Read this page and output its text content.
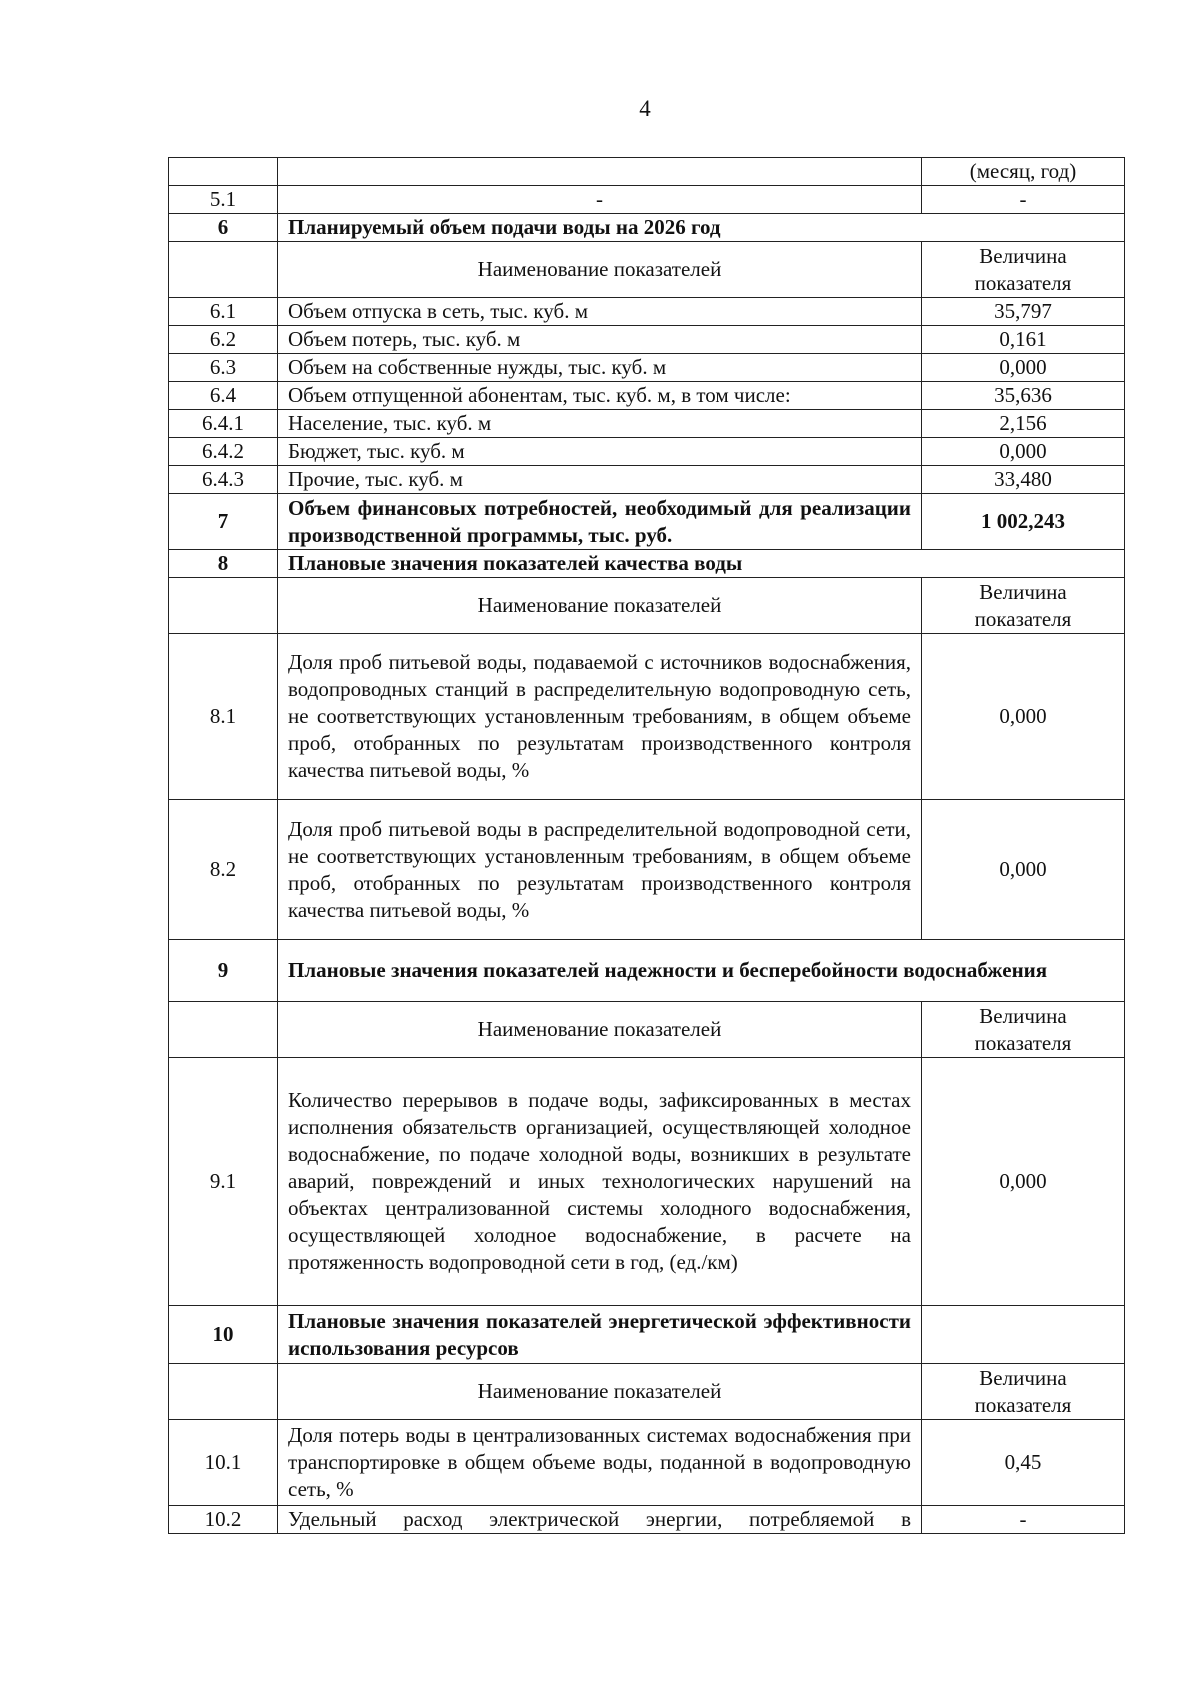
4
		(месяц, год)
5.1	-	-
6	Планируемый объем подачи воды на 2026 год	
	Наименование показателей	Величина показателя
6.1	Объем отпуска в сеть, тыс. куб. м	35,797
6.2	Объем потерь, тыс. куб. м	0,161
6.3	Объем на собственные нужды, тыс. куб. м	0,000
6.4	Объем отпущенной абонентам, тыс. куб. м, в том числе:	35,636
6.4.1	Население, тыс. куб. м	2,156
6.4.2	Бюджет, тыс. куб. м	0,000
6.4.3	Прочие, тыс. куб. м	33,480
7	Объем финансовых потребностей, необходимый для реализации производственной программы, тыс. руб.	1 002,243
8	Плановые значения показателей качества воды	
	Наименование показателей	Величина показателя
8.1	Доля проб питьевой воды, подаваемой с источников водоснабжения, водопроводных станций в распределительную водопроводную сеть, не соответствующих установленным требованиям, в общем объеме проб, отобранных по результатам производственного контроля качества питьевой воды, %	0,000
8.2	Доля проб питьевой воды в распределительной водопроводной сети, не соответствующих установленным требованиям, в общем объеме проб, отобранных по результатам производственного контроля качества питьевой воды, %	0,000
9	Плановые значения показателей надежности и бесперебойности водоснабжения	
	Наименование показателей	Величина показателя
9.1	Количество перерывов в подаче воды, зафиксированных в местах исполнения обязательств организацией, осуществляющей холодное водоснабжение, по подаче холодной воды, возникших в результате аварий, повреждений и иных технологических нарушений на объектах централизованной системы холодного водоснабжения, осуществляющей холодное водоснабжение, в расчете на протяженность водопроводной сети в год, (ед./км)	0,000
10	Плановые значения показателей энергетической эффективности использования ресурсов	
	Наименование показателей	Величина показателя
10.1	Доля потерь воды в централизованных системах водоснабжения при транспортировке в общем объеме воды, поданной в водопроводную сеть, %	0,45
10.2	Удельный расход электрической энергии, потребляемой в	-
